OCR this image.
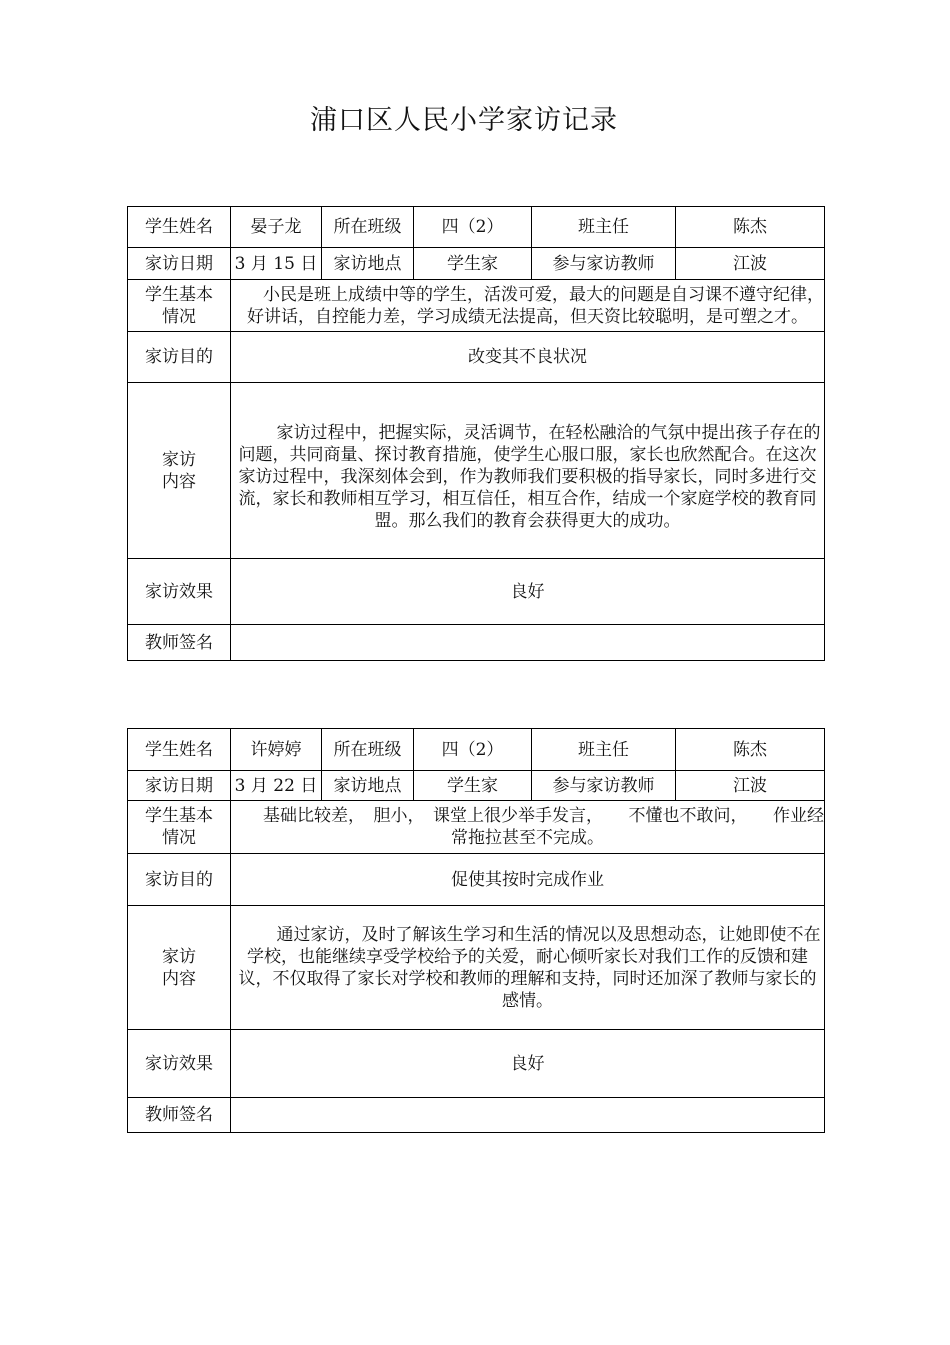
浦口区人民小学家访记录
学生姓名	晏子龙	所在班级	四（2）	班主任	陈杰
家访日期	3 月 15 日	家访地点	学生家	参与家访教师	江波

学生基本
情况	小民是班上成绩中等的学生，活泼可爱，最大的问题是自习课不遵守纪律，好讲话，自控能力差，学习成绩无法提高，但天资比较聪明，是可塑之才。				

家访目的	改变其不良状况				

家访
内容	家访过程中，把握实际，灵活调节，在轻松融洽的气氛中提出孩子存在的问题，共同商量、探讨教育措施，使学生心服口服，家长也欣然配合。在这次家访过程中，我深刻体会到，作为教师我们要积极的指导家长，同时多进行交流，家长和教师相互学习，相互信任，相互合作，结成一个家庭学校的教育同盟。那么我们的教育会获得更大的成功。				

家访效果	良好				
教师签名					
学生姓名	许婷婷	所在班级	四（2）	班主任	陈杰
家访日期	3 月 22 日	家访地点	学生家	参与家访教师	江波

学生基本
情况	基础比较差，　胆小，　课堂上很少举手发言，　　不懂也不敢问，　　作业经常拖拉甚至不完成。				

家访目的	促使其按时完成作业				

家访
内容	通过家访，及时了解该生学习和生活的情况以及思想动态，让她即使不在学校，也能继续享受学校给予的关爱，耐心倾听家长对我们工作的反馈和建议，不仅取得了家长对学校和教师的理解和支持，同时还加深了教师与家长的感情。				

家访效果	良好				
教师签名					
